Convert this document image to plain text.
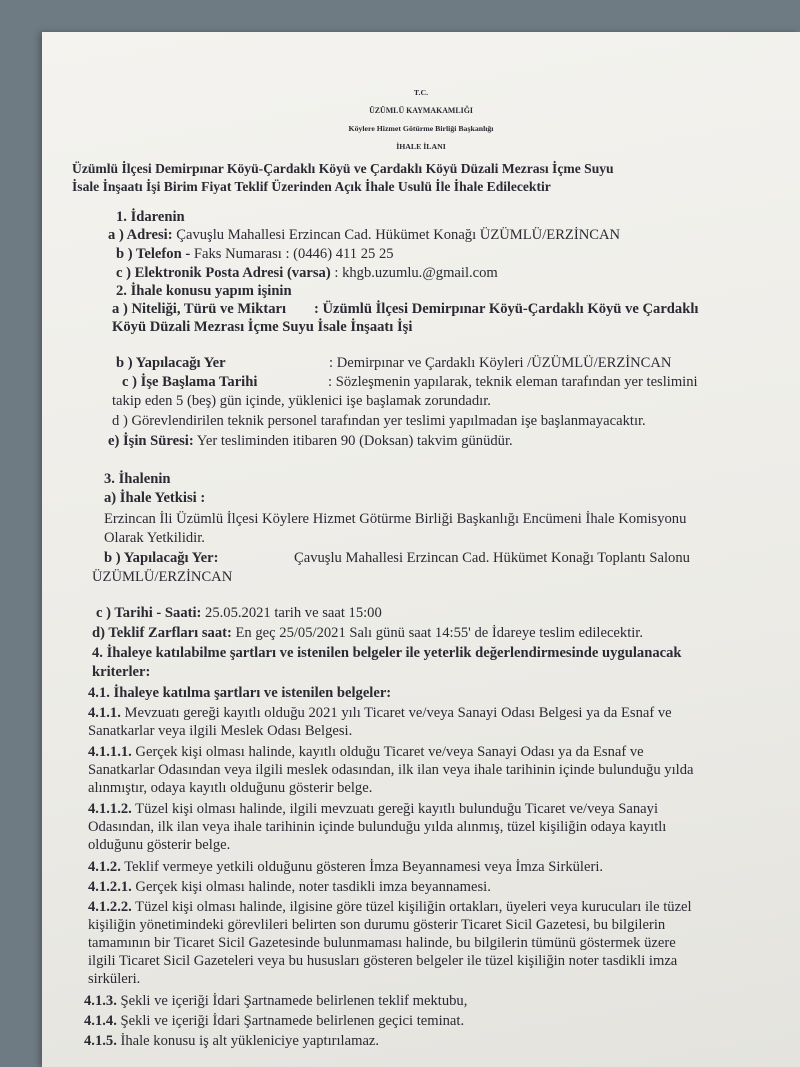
T.C.
ÜZÜMLÜ KAYMAKAMLIĞI
Köylere Hizmet Götürme Birliği Başkanlığı
İHALE İLANI
Üzümlü İlçesi Demirpınar Köyü-Çardaklı Köyü ve Çardaklı Köyü Düzali Mezrası İçme Suyu
İsale İnşaatı İşi Birim Fiyat Teklif Üzerinden Açık İhale Usulü İle İhale Edilecektir
1. İdarenin
a ) Adresi: Çavuşlu Mahallesi Erzincan Cad. Hükümet Konağı ÜZÜMLÜ/ERZİNCAN
b ) Telefon - Faks Numarası : (0446) 411 25 25
c ) Elektronik Posta Adresi (varsa) : khgb.uzumlu.@gmail.com
2. İhale konusu yapım işinin
a ) Niteliği, Türü ve Miktarı : Üzümlü İlçesi Demirpınar Köyü-Çardaklı Köyü ve Çardaklı
Köyü Düzali Mezrası İçme Suyu İsale İnşaatı İşi
b ) Yapılacağı Yer	: Demirpınar ve Çardaklı Köyleri /ÜZÜMLÜ/ERZİNCAN
c ) İşe Başlama Tarihi	: Sözleşmenin yapılarak, teknik eleman tarafından yer teslimini
takip eden 5 (beş) gün içinde, yüklenici işe başlamak zorundadır.
d ) Görevlendirilen teknik personel tarafından yer teslimi yapılmadan işe başlanmayacaktır.
e) İşin Süresi: Yer tesliminden itibaren 90 (Doksan) takvim günüdür.
3. İhalenin
a) İhale Yetkisi :
Erzincan İli Üzümlü İlçesi Köylere Hizmet Götürme Birliği Başkanlığı Encümeni İhale Komisyonu
Olarak Yetkilidir.
b ) Yapılacağı Yer:	Çavuşlu Mahallesi Erzincan Cad. Hükümet Konağı Toplantı Salonu
ÜZÜMLÜ/ERZİNCAN
c ) Tarihi - Saati: 25.05.2021 tarih ve saat 15:00
d) Teklif Zarfları saat: En geç 25/05/2021 Salı günü saat 14:55' de İdareye teslim edilecektir.
4. İhaleye katılabilme şartları ve istenilen belgeler ile yeterlik değerlendirmesinde uygulanacak
kriterler:
4.1. İhaleye katılma şartları ve istenilen belgeler:
4.1.1. Mevzuatı gereği kayıtlı olduğu 2021 yılı Ticaret ve/veya Sanayi Odası Belgesi ya da Esnaf ve
Sanatkarlar veya ilgili Meslek Odası Belgesi.
4.1.1.1. Gerçek kişi olması halinde, kayıtlı olduğu Ticaret ve/veya Sanayi Odası ya da Esnaf ve
Sanatkarlar Odasından veya ilgili meslek odasından, ilk ilan veya ihale tarihinin içinde bulunduğu yılda
alınmıştır, odaya kayıtlı olduğunu gösterir belge.
4.1.1.2. Tüzel kişi olması halinde, ilgili mevzuatı gereği kayıtlı bulunduğu Ticaret ve/veya Sanayi
Odasından, ilk ilan veya ihale tarihinin içinde bulunduğu yılda alınmış, tüzel kişiliğin odaya kayıtlı
olduğunu gösterir belge.
4.1.2. Teklif vermeye yetkili olduğunu gösteren İmza Beyannamesi veya İmza Sirküleri.
4.1.2.1. Gerçek kişi olması halinde, noter tasdikli imza beyannamesi.
4.1.2.2. Tüzel kişi olması halinde, ilgisine göre tüzel kişiliğin ortakları, üyeleri veya kurucuları ile tüzel
kişiliğin yönetimindeki görevlileri belirten son durumu gösterir Ticaret Sicil Gazetesi, bu bilgilerin
tamamının bir Ticaret Sicil Gazetesinde bulunmaması halinde, bu bilgilerin tümünü göstermek üzere
ilgili Ticaret Sicil Gazeteleri veya bu hususları gösteren belgeler ile tüzel kişiliğin noter tasdikli imza
sirküleri.
4.1.3. Şekli ve içeriği İdari Şartnamede belirlenen teklif mektubu,
4.1.4. Şekli ve içeriği İdari Şartnamede belirlenen geçici teminat.
4.1.5. İhale konusu iş alt yükleniciye yaptırılamaz.
